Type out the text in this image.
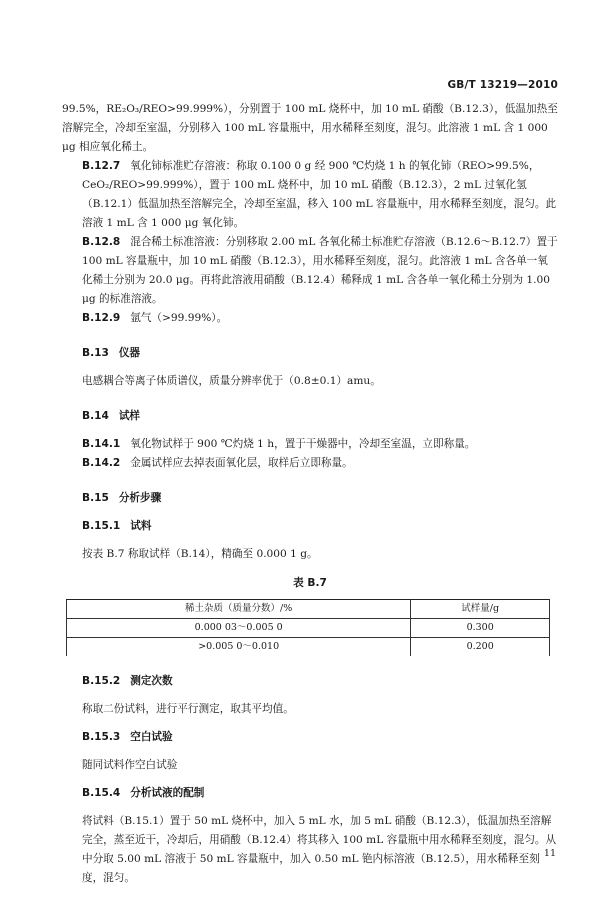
GB/T 13219—2010

99.5%，RE₂O₃/REO>99.999%），分别置于 100 mL 烧杯中，加 10 mL 硝酸（B.12.3），低温加热至溶解完全，冷却至室温，分别移入 100 mL 容量瓶中，用水稀释至刻度，混匀。此溶液 1 mL 含 1 000 μg 相应氧化稀土。

B.12.7 氧化铈标准贮存溶液：称取 0.100 0 g 经 900 ℃灼烧 1 h 的氧化铈（REO>99.5%，CeO₂/REO>99.999%），置于 100 mL 烧杯中，加 10 mL 硝酸（B.12.3），2 mL 过氧化氢（B.12.1）低温加热至溶解完全，冷却至室温，移入 100 mL 容量瓶中，用水稀释至刻度，混匀。此溶液 1 mL 含 1 000 μg 氧化铈。

B.12.8 混合稀土标准溶液：分别移取 2.00 mL 各氧化稀土标准贮存溶液（B.12.6～B.12.7）置于 100 mL 容量瓶中，加 10 mL 硝酸（B.12.3），用水稀释至刻度，混匀。此溶液 1 mL 含各单一氧化稀土分别为 20.0 μg。再将此溶液用硝酸（B.12.4）稀释成 1 mL 含各单一氧化稀土分别为 1.00 μg 的标准溶液。

B.12.9 氩气（>99.99%）。

B.13 仪器

电感耦合等离子体质谱仪，质量分辨率优于（0.8±0.1）amu。

B.14 试样

B.14.1 氧化物试样于 900 ℃灼烧 1 h，置于干燥器中，冷却至室温，立即称量。

B.14.2 金属试样应去掉表面氧化层，取样后立即称量。

B.15 分析步骤

B.15.1 试料

按表 B.7 称取试样（B.14），精确至 0.000 1 g。

表 B.7
稀土杂质（质量分数）/%	试样量/g
0.000 03～0.005 0	0.300
>0.005 0～0.010	0.200

B.15.2 测定次数

称取二份试料，进行平行测定，取其平均值。

B.15.3 空白试验

随同试料作空白试验

B.15.4 分析试液的配制

将试料（B.15.1）置于 50 mL 烧杯中，加入 5 mL 水，加 5 mL 硝酸（B.12.3），低温加热至溶解完全，蒸至近干，冷却后，用硝酸（B.12.4）将其移入 100 mL 容量瓶中用水稀释至刻度，混匀。从中分取 5.00 mL 溶液于 50 mL 容量瓶中，加入 0.50 mL 铯内标溶液（B.12.5），用水稀释至刻度，混匀。

11
